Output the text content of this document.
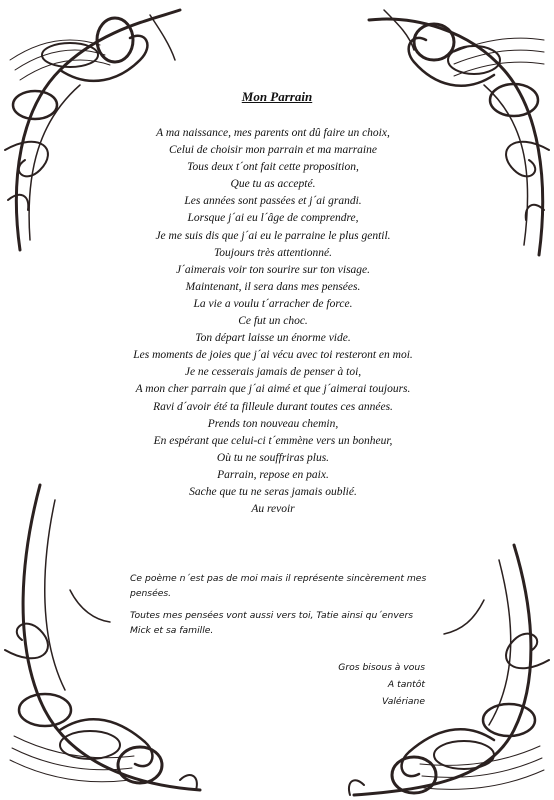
Mon Parrain
A ma naissance, mes parents ont dû faire un choix,
Celui de choisir mon parrain et ma marraine
Tous deux t´ont fait cette proposition,
Que tu as accepté.
Les années sont passées et j´ai grandi.
Lorsque j´ai eu l´âge de comprendre,
Je me suis dis que j´ai eu le parraine le plus gentil.
Toujours très attentionné.
J´aimerais voir ton sourire sur ton visage.
Maintenant, il sera dans mes pensées.
La vie a voulu t´arracher de force.
Ce fut un choc.
Ton départ laisse un énorme vide.
Les moments de joies que j´ai vécu avec toi resteront en moi.
Je ne cesserais jamais de penser à toi,
A mon cher parrain que j´ai aimé et que j´aimerai toujours.
Ravi d´avoir été ta filleule durant toutes ces années.
Prends ton nouveau chemin,
En espérant que celui-ci t´emmène vers un bonheur,
Où tu ne souffriras plus.
Parrain, repose en paix.
Sache que tu ne seras jamais oublié.
Au revoir
Ce poème n´est pas de moi mais il représente sincèrement mes pensées.
Toutes mes pensées vont aussi vers toi, Tatie ainsi qu´envers Mick et sa famille.
Gros bisous à vous
A tantôt
Valériane
